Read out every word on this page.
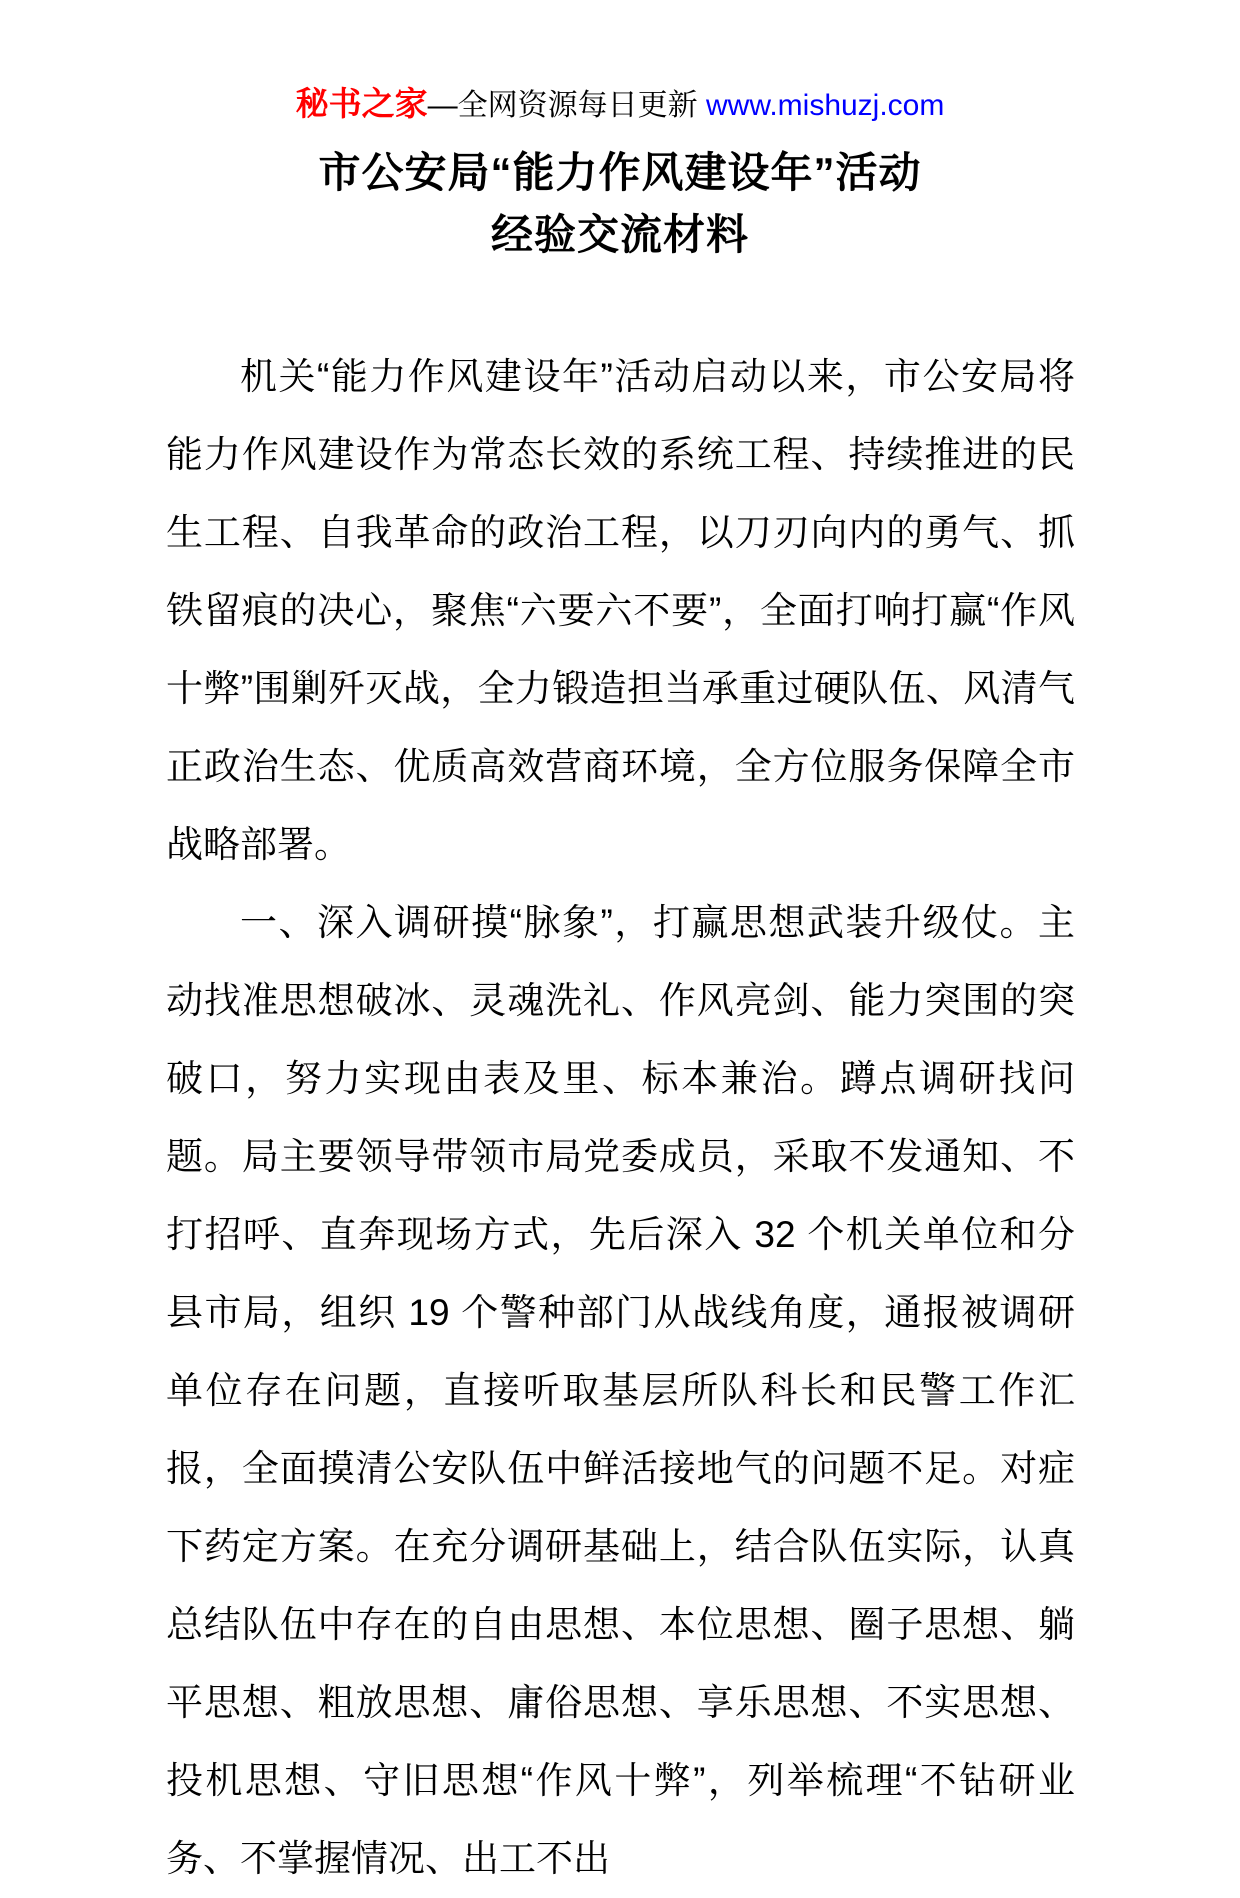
秘书之家—全网资源每日更新 www.mishuzj.com
市公安局“能力作风建设年”活动
经验交流材料

机关“能力作风建设年”活动启动以来，市公安局将能力作风建设作为常态长效的系统工程、持续推进的民生工程、自我革命的政治工程，以刀刃向内的勇气、抓铁留痕的决心，聚焦“六要六不要”，全面打响打赢“作风十弊”围剿歼灭战，全力锻造担当承重过硬队伍、风清气正政治生态、优质高效营商环境，全方位服务保障全市战略部署。

一、深入调研摸“脉象”，打赢思想武装升级仗。主动找准思想破冰、灵魂洗礼、作风亮剑、能力突围的突破口，努力实现由表及里、标本兼治。蹲点调研找问题。局主要领导带领市局党委成员，采取不发通知、不打招呼、直奔现场方式，先后深入 32 个机关单位和分县市局，组织 19 个警种部门从战线角度，通报被调研单位存在问题，直接听取基层所队科长和民警工作汇报，全面摸清公安队伍中鲜活接地气的问题不足。对症下药定方案。在充分调研基础上，结合队伍实际，认真总结队伍中存在的自由思想、本位思想、圈子思想、躺平思想、粗放思想、庸俗思想、享乐思想、不实思想、投机思想、守旧思想“作风十弊”，列举梳理“不钻研业务、不掌握情况、出工不出
